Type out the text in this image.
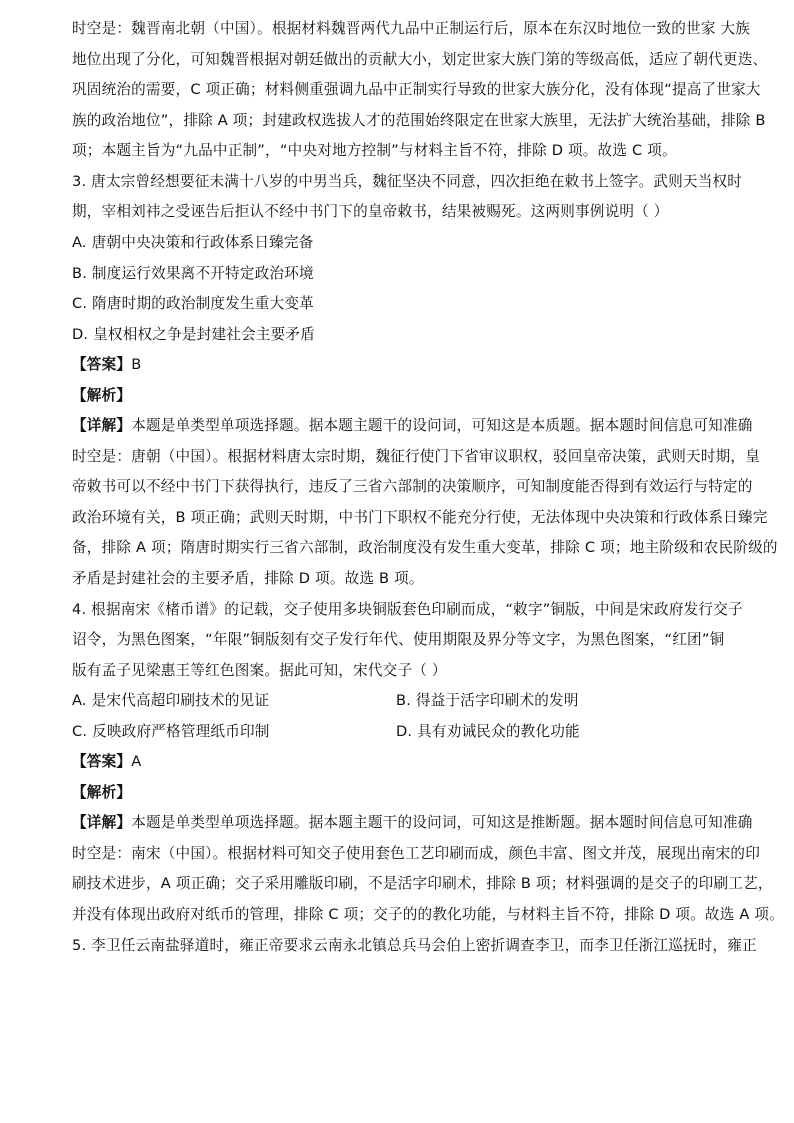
时空是：魏晋南北朝（中国）。根据材料魏晋两代九品中正制运行后，原本在东汉时地位一致的世家 大族
地位出现了分化，可知魏晋根据对朝廷做出的贡献大小，划定世家大族门第的等级高低，适应了朝代更迭、
巩固统治的需要，C 项正确；材料侧重强调九品中正制实行导致的世家大族分化，没有体现“提高了世家大
族的政治地位”，排除 A 项；封建政权选拔人才的范围始终限定在世家大族里，无法扩大统治基础，排除 B
项；本题主旨为“九品中正制”，“中央对地方控制”与材料主旨不符，排除 D 项。故选 C 项。
3. 唐太宗曾经想要征未满十八岁的中男当兵，魏征坚决不同意，四次拒绝在敕书上签字。武则天当权时
期，宰相刘祎之受诬告后拒认不经中书门下的皇帝敕书，结果被赐死。这两则事例说明（ ）
A. 唐朝中央决策和行政体系日臻完备
B. 制度运行效果离不开特定政治环境
C. 隋唐时期的政治制度发生重大变革
D. 皇权相权之争是封建社会主要矛盾
【答案】B
【解析】
【详解】本题是单类型单项选择题。据本题主题干的设问词，可知这是本质题。据本题时间信息可知准确
时空是：唐朝（中国）。根据材料唐太宗时期，魏征行使门下省审议职权，驳回皇帝决策，武则天时期，皇
帝敕书可以不经中书门下获得执行，违反了三省六部制的决策顺序，可知制度能否得到有效运行与特定的
政治环境有关，B 项正确；武则天时期，中书门下职权不能充分行使，无法体现中央决策和行政体系日臻完
备，排除 A 项；隋唐时期实行三省六部制，政治制度没有发生重大变革，排除 C 项；地主阶级和农民阶级的
矛盾是封建社会的主要矛盾，排除 D 项。故选 B 项。
4. 根据南宋《楮币谱》的记载，交子使用多块铜版套色印刷而成，“敕字”铜版，中间是宋政府发行交子
诏令，为黑色图案，“年限”铜版刻有交子发行年代、使用期限及界分等文字，为黑色图案，“红团”铜
版有孟子见梁惠王等红色图案。据此可知，宋代交子（ ）
A. 是宋代高超印刷技术的见证	B. 得益于活字印刷术的发明
C. 反映政府严格管理纸币印制	D. 具有劝诫民众的教化功能
【答案】A
【解析】
【详解】本题是单类型单项选择题。据本题主题干的设问词，可知这是推断题。据本题时间信息可知准确
时空是：南宋（中国）。根据材料可知交子使用套色工艺印刷而成，颜色丰富、图文并茂，展现出南宋的印
刷技术进步，A 项正确；交子采用雕版印刷，不是活字印刷术，排除 B 项；材料强调的是交子的印刷工艺，
并没有体现出政府对纸币的管理，排除 C 项；交子的的教化功能，与材料主旨不符，排除 D 项。故选 A 项。
5. 李卫任云南盐驿道时，雍正帝要求云南永北镇总兵马会伯上密折调查李卫，而李卫任浙江巡抚时，雍正
